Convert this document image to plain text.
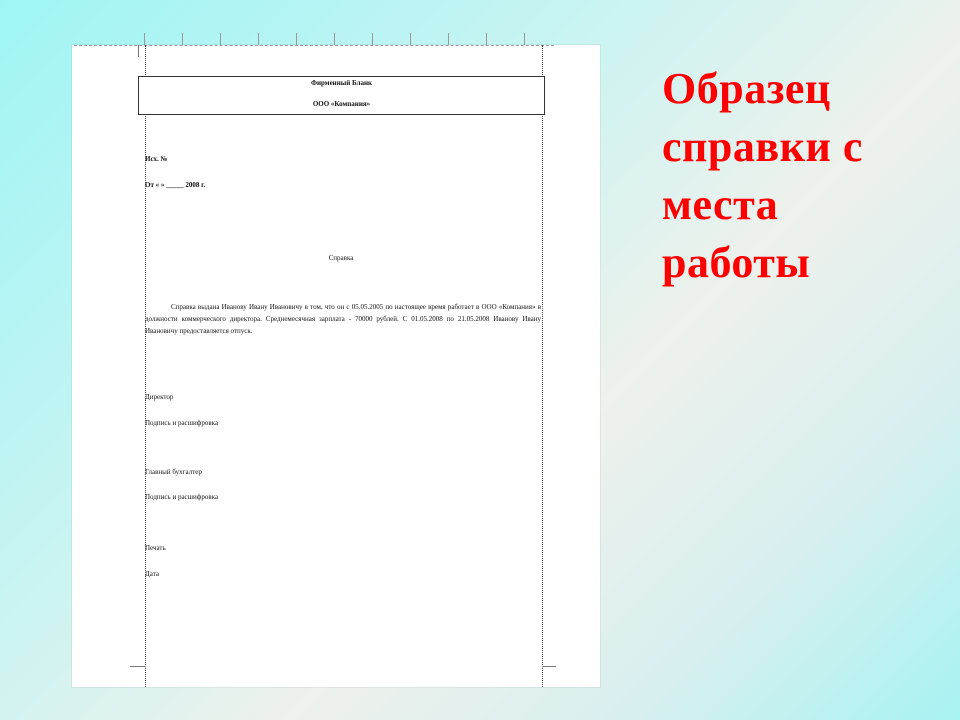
Фирменный Бланк
ООО «Компания»
Исх. №
От « » _____ 2008 г.
Справка
Справка выдана Иванову Ивану Ивановичу в том, что он с 05.05.2005 по настоящее время работает в ООО «Компания» в должности коммерческого директора. Среднемесячная зарплата - 70000 рублей. С 01.05.2008 по 21.05.2008 Иванову Ивану Ивановичу предоставляется отпуск.
Директор
Подпись и расшифровка
Главный бухгалтер
Подпись и расшифровка
Печать
Дата
Образец
справки с
места
работы
